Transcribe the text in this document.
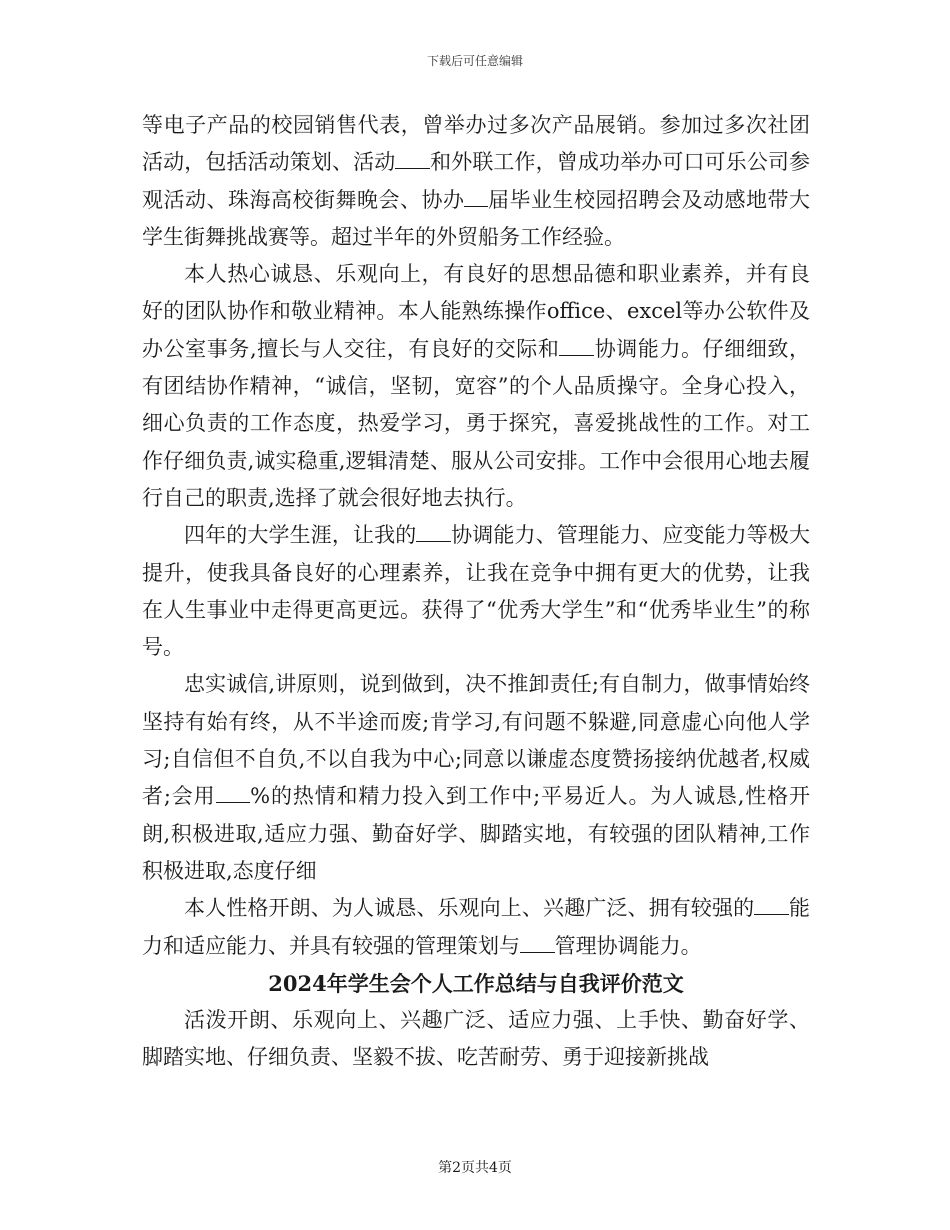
下载后可任意编辑

等电子产品的校园销售代表，曾举办过多次产品展销。参加过多次社团活动，包括活动策划、活动 和外联工作，曾成功举办可口可乐公司参观活动、珠海高校街舞晚会、协办 届毕业生校园招聘会及动感地带大学生街舞挑战赛等。超过半年的外贸船务工作经验。

本人热心诚恳、乐观向上，有良好的思想品德和职业素养，并有良好的团队协作和敬业精神。本人能熟练操作office、excel等办公软件及办公室事务,擅长与人交往，有良好的交际和 协调能力。仔细细致，有团结协作精神，“诚信，坚韧，宽容”的个人品质操守。全身心投入，细心负责的工作态度，热爱学习，勇于探究，喜爱挑战性的工作。对工作仔细负责,诚实稳重,逻辑清楚、服从公司安排。工作中会很用心地去履行自己的职责,选择了就会很好地去执行。

四年的大学生涯，让我的 协调能力、管理能力、应变能力等极大提升，使我具备良好的心理素养，让我在竞争中拥有更大的优势，让我在人生事业中走得更高更远。获得了“优秀大学生”和“优秀毕业生”的称号。

忠实诚信,讲原则，说到做到，决不推卸责任;有自制力，做事情始终坚持有始有终，从不半途而废;肯学习,有问题不躲避,同意虚心向他人学习;自信但不自负,不以自我为中心;同意以谦虚态度赞扬接纳优越者,权威者;会用 %的热情和精力投入到工作中;平易近人。为人诚恳,性格开朗,积极进取,适应力强、勤奋好学、脚踏实地，有较强的团队精神,工作积极进取,态度仔细

本人性格开朗、为人诚恳、乐观向上、兴趣广泛、拥有较强的 能力和适应能力、并具有较强的管理策划与 管理协调能力。

2024年学生会个人工作总结与自我评价范文

活泼开朗、乐观向上、兴趣广泛、适应力强、上手快、勤奋好学、脚踏实地、仔细负责、坚毅不拔、吃苦耐劳、勇于迎接新挑战

第2页共4页
